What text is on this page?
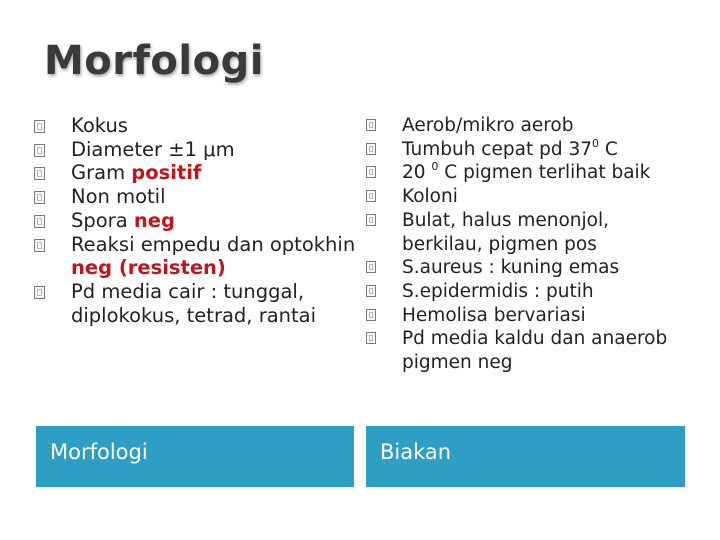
Morfologi
Kokus
Diameter ±1 μm
Gram positif
Non motil
Spora neg
Reaksi empedu dan optokhin neg (resisten)
Pd media cair : tunggal, diplokokus, tetrad, rantai
Aerob/mikro aerob
Tumbuh cepat pd $37^0$ C
20 $^0$ C pigmen terlihat baik
Koloni
Bulat, halus menonjol, berkilau, pigmen pos
S.aureus : kuning emas
S.epidermidis : putih
Hemolisa bervariasi
Pd media kaldu dan anaerob pigmen neg
Morfologi	Biakan
